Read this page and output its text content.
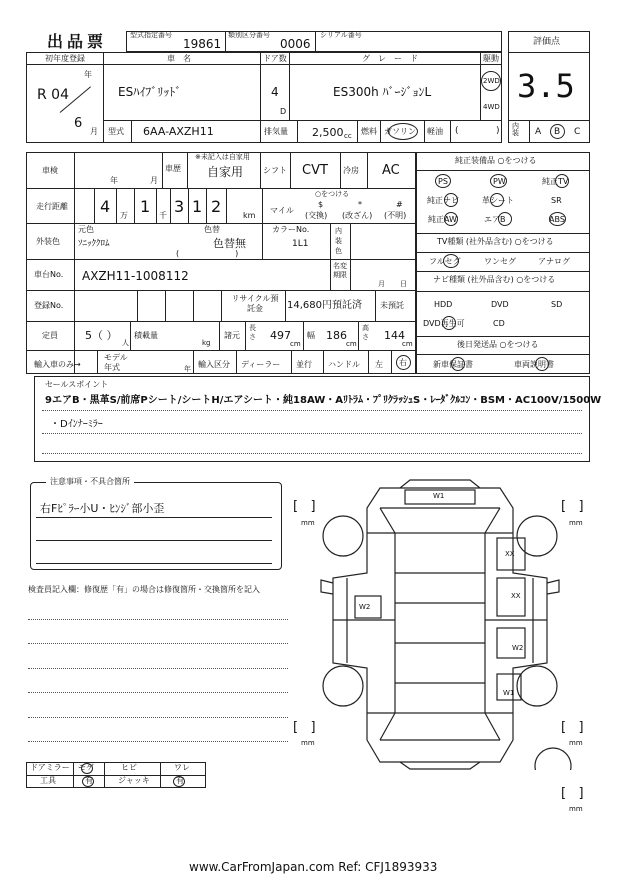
出品票	型式指定番号
19861
類別区分番号
0006
シリアル番号
評価点
3.5
内装	A B C
初年度登録
R 04
年
6
月
車　名
ESﾊｲﾌﾞﾘｯﾄﾞ
ドア数
4
D
グ　レ　ー　ド
ES300h ﾊﾞｰｼﾞｮﾝL
駆動
2WD
4WD
型式 6AA-AXZH11	排気量 2,500 cc 燃料 ガソリン 軽油 (	)
車検
年	月
車歴
※未記入は自家用
自家用 シフト CVT 冷房 AC
走行距離 4 万 1 千 3 1 2	km
○をつける
マイル
$
(交換)
*
(改ざん)
#
(不明)
元色
外装色 ｿﾆｯｸｸﾛﾑ
色替
色替無
(　　　　　　　)
カラーNo.
1L1
内装色
車台No. AXZH11-1008112
名変期限
月 日
登録No.
リサイクル預託金	14,680円預託済 未預託
定員 5（ ）
人
積載量
kg
諸元
長さ 497
cm
幅 186
cm
高さ 144
cm
輸入車のみ→
モデル年式	年 輸入区分 ディーラー 並行 ハンドル 左 右
純正装備品 ○をつける
PS	PW	純正TV
純正ナビ	革シート	SR
純正AW	エアB	ABS
TV種類 (社外品含む) ○をつける
フルセグ	ワンセグ	アナログ
ナビ種類 (社外品含む) ○をつける
HDD	DVD	SD
DVD再生可	CD
後日発送品 ○をつける
新車保証書	車両説明書
セールスポイント
9エアB・黒革S/前席Pシート/シートH/エアシート・純18AW・Aﾘﾄﾗﾑ・ﾌﾟﾘｸﾗｯｼｭS・ﾚｰﾀﾞｸﾙｺﾝ・BSM・AC100V/1500W
・Dｲﾝﾅｰﾐﾗｰ
注意事項・不具合箇所
右Fﾋﾟﾗｰ小U・ﾋﾝｼﾞ部小歪
検査員記入欄：修復歴「有」の場合は修復箇所・交換箇所を記入
W1
XX
XX
W2
W2
W1
[   ]
mm
[   ]
mm
[   ]
mm
[   ]
mm
[   ]
mm
ドアミラー モゲ	ヒビ	ワレ
工具	有	ジャッキ	有
www.CarFromJapan.com Ref: CFJ1893933
